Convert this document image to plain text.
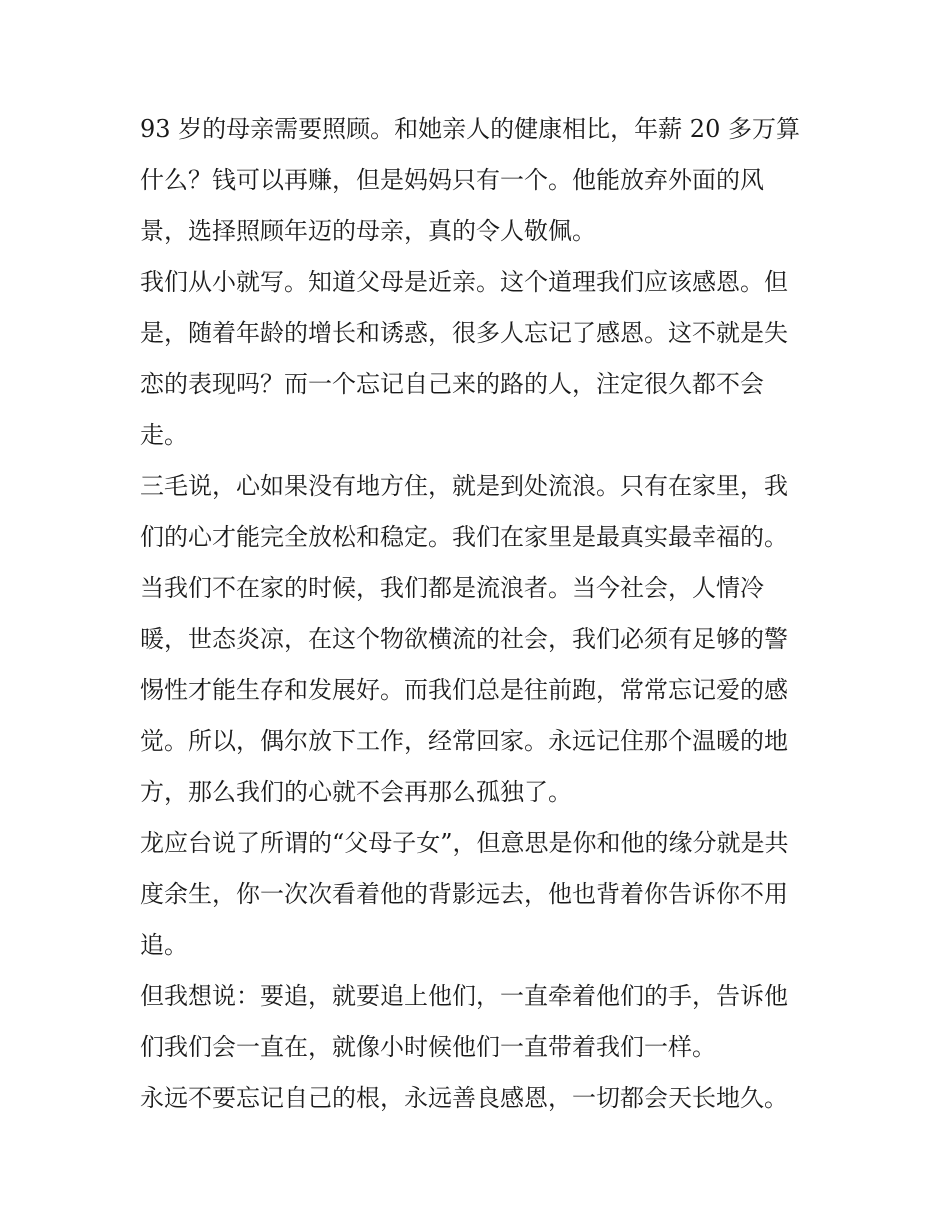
93 岁的母亲需要照顾。和她亲人的健康相比，年薪 20 多万算
什么？钱可以再赚，但是妈妈只有一个。他能放弃外面的风
景，选择照顾年迈的母亲，真的令人敬佩。
我们从小就写。知道父母是近亲。这个道理我们应该感恩。但
是，随着年龄的增长和诱惑，很多人忘记了感恩。这不就是失
恋的表现吗？而一个忘记自己来的路的人，注定很久都不会
走。
三毛说，心如果没有地方住，就是到处流浪。只有在家里，我
们的心才能完全放松和稳定。我们在家里是最真实最幸福的。
当我们不在家的时候，我们都是流浪者。当今社会，人情冷
暖，世态炎凉，在这个物欲横流的社会，我们必须有足够的警
惕性才能生存和发展好。而我们总是往前跑，常常忘记爱的感
觉。所以，偶尔放下工作，经常回家。永远记住那个温暖的地
方，那么我们的心就不会再那么孤独了。
龙应台说了所谓的“父母子女”，但意思是你和他的缘分就是共
度余生，你一次次看着他的背影远去，他也背着你告诉你不用
追。
但我想说：要追，就要追上他们，一直牵着他们的手，告诉他
们我们会一直在，就像小时候他们一直带着我们一样。
永远不要忘记自己的根，永远善良感恩，一切都会天长地久。
